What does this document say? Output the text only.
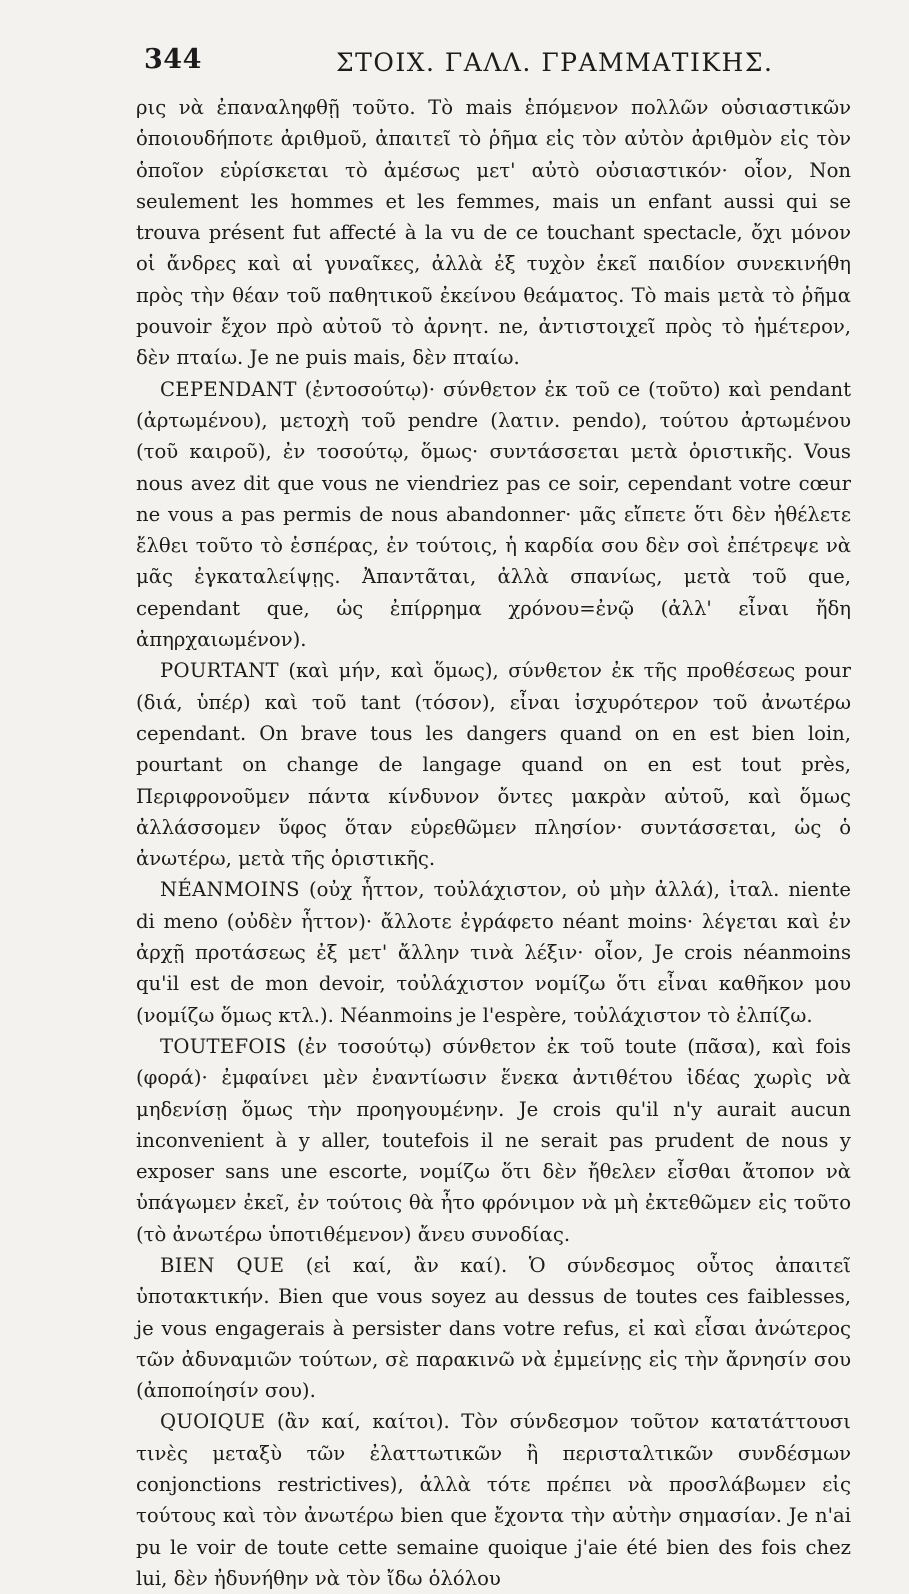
344	ΣΤΟΙΧ. ΓΑΛΛ. ΓΡΑΜΜΑΤΙΚΗΣ.

ρις νὰ ἐπαναληφθῇ τοῦτο. Τὸ mais ἑπόμενον πολλῶν οὐσιαστικῶν ὁποιουδήποτε ἀριθμοῦ, ἀπαιτεῖ τὸ ῥῆμα εἰς τὸν αὐτὸν ἀριθμὸν εἰς τὸν ὁποῖον εὑρίσκεται τὸ ἀμέσως μετ' αὐτὸ οὐσιαστικόν· οἷον, Non seulement les hommes et les femmes, mais un enfant aussi qui se trouva présent fut affecté à la vu de ce touchant spectacle, ὄχι μόνον οἱ ἄνδρες καὶ αἱ γυναῖκες, ἀλλὰ ἐξ τυχὸν ἐκεῖ παιδίον συνεκινήθη πρὸς τὴν θέαν τοῦ παθητικοῦ ἐκείνου θεάματος. Τὸ mais μετὰ τὸ ῥῆμα pouvoir ἔχον πρὸ αὐτοῦ τὸ ἀρνητ. ne, ἀντιστοιχεῖ πρὸς τὸ ἡμέτερον, δὲν πταίω. Je ne puis mais, δὲν πταίω.

CEPENDANT (ἐντοσούτῳ)· σύνθετον ἐκ τοῦ ce (τοῦτο) καὶ pendant (ἀρτωμένου), μετοχὴ τοῦ pendre (λατιν. pendo), τούτου ἀρτωμένου (τοῦ καιροῦ), ἐν τοσούτῳ, ὅμως· συντάσσεται μετὰ ὁριστικῆς. Vous nous avez dit que vous ne viendriez pas ce soir, cependant votre cœur ne vous a pas permis de nous abandonner· μᾶς εἴπετε ὅτι δὲν ἠθέλετε ἔλθει τοῦτο τὸ ἑσπέρας, ἐν τούτοις, ἡ καρδία σου δὲν σοὶ ἐπέτρεψε νὰ μᾶς ἐγκαταλείψῃς. Ἀπαντᾶται, ἀλλὰ σπανίως, μετὰ τοῦ que, cependant que, ὡς ἐπίρρημα χρόνου=ἐνῷ (ἀλλ' εἶναι ἤδη ἀπηρχαιωμένον).

POURTANT (καὶ μήν, καὶ ὅμως), σύνθετον ἐκ τῆς προθέσεως pour (διά, ὑπέρ) καὶ τοῦ tant (τόσον), εἶναι ἰσχυρότερον τοῦ ἀνωτέρω cependant. On brave tous les dangers quand on en est bien loin, pourtant on change de langage quand on en est tout près, Περιφρονοῦμεν πάντα κίνδυνον ὄντες μακρὰν αὐτοῦ, καὶ ὅμως ἀλλάσσομεν ὕφος ὅταν εὑρεθῶμεν πλησίον· συντάσσεται, ὡς ὁ ἀνωτέρω, μετὰ τῆς ὁριστικῆς.

NÉANMOINS (οὐχ ἧττον, τοὐλάχιστον, οὐ μὴν ἀλλά), ἰταλ. niente di meno (οὐδὲν ἧττον)· ἄλλοτε ἐγράφετο néant moins· λέγεται καὶ ἐν ἀρχῇ προτάσεως ἐξ μετ' ἄλλην τινὰ λέξιν· οἷον, Je crois néanmoins qu'il est de mon devoir, τοὐλάχιστον νομίζω ὅτι εἶναι καθῆκον μου (νομίζω ὅμως κτλ.). Néanmoins je l'espère, τοὐλάχιστον τὸ ἐλπίζω.

TOUTEFOIS (ἐν τοσούτῳ) σύνθετον ἐκ τοῦ toute (πᾶσα), καὶ fois (φορά)· ἐμφαίνει μὲν ἐναντίωσιν ἕνεκα ἀντιθέτου ἰδέας χωρὶς νὰ μηδενίσῃ ὅμως τὴν προηγουμένην. Je crois qu'il n'y aurait aucun inconvenient à y aller, toutefois il ne serait pas prudent de nous y exposer sans une escorte, νομίζω ὅτι δὲν ἤθελεν εἶσθαι ἄτοπον νὰ ὑπάγωμεν ἐκεῖ, ἐν τούτοις θὰ ἦτο φρόνιμον νὰ μὴ ἐκτεθῶμεν εἰς τοῦτο (τὸ ἀνωτέρω ὑποτιθέμενον) ἄνευ συνοδίας.

BIEN QUE (εἰ καί, ἂν καί). Ὁ σύνδεσμος οὗτος ἀπαιτεῖ ὑποτακτικήν. Bien que vous soyez au dessus de toutes ces faiblesses, je vous engagerais à persister dans votre refus, εἰ καὶ εἶσαι ἀνώτερος τῶν ἀδυναμιῶν τούτων, σὲ παρακινῶ νὰ ἐμμείνῃς εἰς τὴν ἄρνησίν σου (ἀποποίησίν σου).

QUOIQUE (ἂν καί, καίτοι). Τὸν σύνδεσμον τοῦτον κατατάττουσι τινὲς μεταξὺ τῶν ἐλαττωτικῶν ἢ περισταλτικῶν συνδέσμων conjonctions restrictives), ἀλλὰ τότε πρέπει νὰ προσλάβωμεν εἰς τούτους καὶ τὸν ἀνωτέρω bien que ἔχοντα τὴν αὐτὴν σημασίαν. Je n'ai pu le voir de toute cette semaine quoique j'aie été bien des fois chez lui, δὲν ἠδυνήθην νὰ τὸν ἴδω ὁλόλου
